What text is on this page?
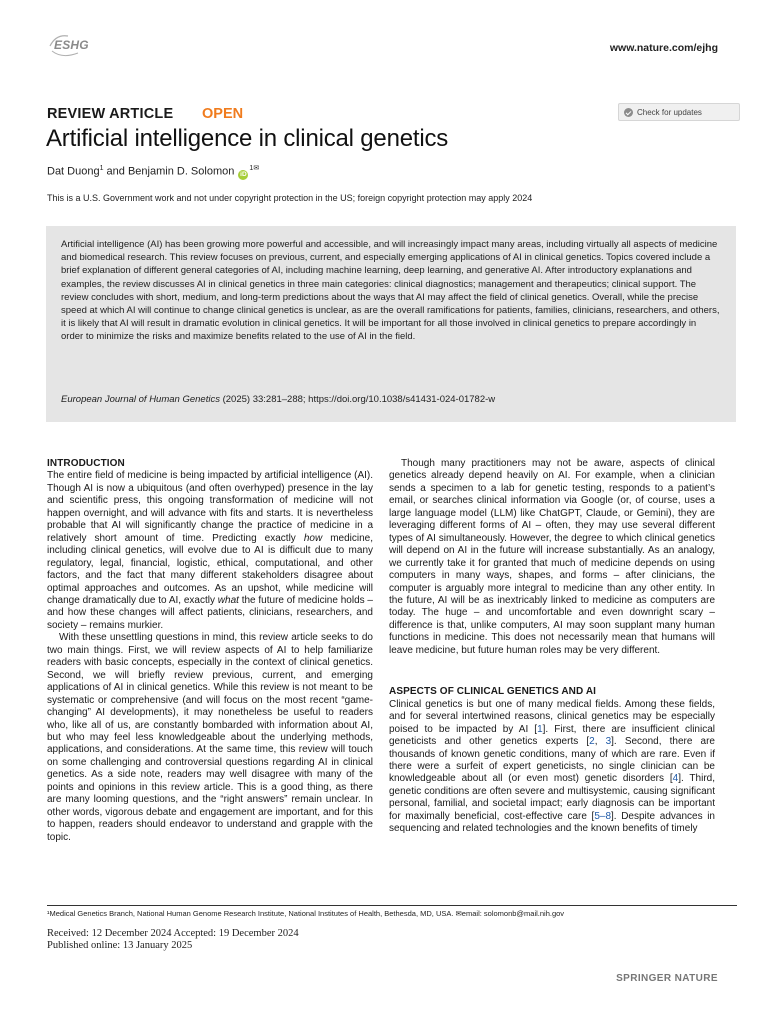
ESHG	www.nature.com/ejhg
REVIEW ARTICLE OPEN	Check for updates
Artificial intelligence in clinical genetics
Dat Duong$^1$ and Benjamin D. Solomon $iD^{1✉}$
This is a U.S. Government work and not under copyright protection in the US; foreign copyright protection may apply 2024
Artificial intelligence (AI) has been growing more powerful and accessible, and will increasingly impact many areas, including virtually all aspects of medicine and biomedical research. This review focuses on previous, current, and especially emerging applications of AI in clinical genetics. Topics covered include a brief explanation of different general categories of AI, including machine learning, deep learning, and generative AI. After introductory explanations and examples, the review discusses AI in clinical genetics in three main categories: clinical diagnostics; management and therapeutics; clinical support. The review concludes with short, medium, and long-term predictions about the ways that AI may affect the field of clinical genetics. Overall, while the precise speed at which AI will continue to change clinical genetics is unclear, as are the overall ramifications for patients, families, clinicians, researchers, and others, it is likely that AI will result in dramatic evolution in clinical genetics. It will be important for all those involved in clinical genetics to prepare accordingly in order to minimize the risks and maximize benefits related to the use of AI in the field.
European Journal of Human Genetics (2025) 33:281–288; https://doi.org/10.1038/s41431-024-01782-w

INTRODUCTION

The entire field of medicine is being impacted by artificial intelligence (AI). Though AI is now a ubiquitous (and often overhyped) presence in the lay and scientific press, this ongoing transformation of medicine will not happen overnight, and will advance with fits and starts. It is nevertheless probable that AI will significantly change the practice of medicine in a relatively short amount of time. Predicting exactly how medicine, including clinical genetics, will evolve due to AI is difficult due to many regulatory, legal, financial, logistic, ethical, computational, and other factors, and the fact that many different stakeholders disagree about optimal approaches and outcomes. As an upshot, while medicine will change dramatically due to AI, exactly what the future of medicine holds – and how these changes will affect patients, clinicians, researchers, and society – remains murkier.

With these unsettling questions in mind, this review article seeks to do two main things. First, we will review aspects of AI to help familiarize readers with basic concepts, especially in the context of clinical genetics. Second, we will briefly review previous, current, and emerging applications of AI in clinical genetics. While this review is not meant to be systematic or comprehensive (and will focus on the most recent “game-changing” AI developments), it may nonetheless be useful to readers who, like all of us, are constantly bombarded with information about AI, but who may feel less knowledgeable about the underlying methods, applications, and considerations. At the same time, this review will touch on some challenging and controversial questions regarding AI in clinical genetics. As a side note, readers may well disagree with many of the points and opinions in this review article. This is a good thing, as there are many looming questions, and the “right answers” remain unclear. In other words, vigorous debate and engagement are important, and for this to happen, readers should endeavor to understand and grapple with the topic.

Though many practitioners may not be aware, aspects of clinical genetics already depend heavily on AI. For example, when a clinician sends a specimen to a lab for genetic testing, responds to a patient’s email, or searches clinical information via Google (or, of course, uses a large language model (LLM) like ChatGPT, Claude, or Gemini), they are leveraging different forms of AI – often, they may use several different types of AI simultaneously. However, the degree to which clinical genetics will depend on AI in the future will increase substantially. As an analogy, we currently take it for granted that much of medicine depends on using computers in many ways, shapes, and forms – after clinicians, the computer is arguably more integral to medicine than any other entity. In the future, AI will be as inextricably linked to medicine as computers are today. The huge – and uncomfortable and even downright scary – difference is that, unlike computers, AI may soon supplant many human functions in medicine. This does not necessarily mean that humans will leave medicine, but future human roles may be very different.

ASPECTS OF CLINICAL GENETICS AND AI

Clinical genetics is but one of many medical fields. Among these fields, and for several intertwined reasons, clinical genetics may be especially poised to be impacted by AI [1]. First, there are insufficient clinical geneticists and other genetics experts [2, 3]. Second, there are thousands of known genetic conditions, many of which are rare. Even if there were a surfeit of expert geneticists, no single clinician can be knowledgeable about all (or even most) genetic disorders [4]. Third, genetic conditions are often severe and multisystemic, causing significant personal, familial, and societal impact; early diagnosis can be important for maximally beneficial, cost-effective care [5–8]. Despite advances in sequencing and related technologies and the known benefits of timely

¹Medical Genetics Branch, National Human Genome Research Institute, National Institutes of Health, Bethesda, MD, USA. ✉email: solomonb@mail.nih.gov
Received: 12 December 2024 Accepted: 19 December 2024
Published online: 13 January 2025
SPRINGER NATURE
